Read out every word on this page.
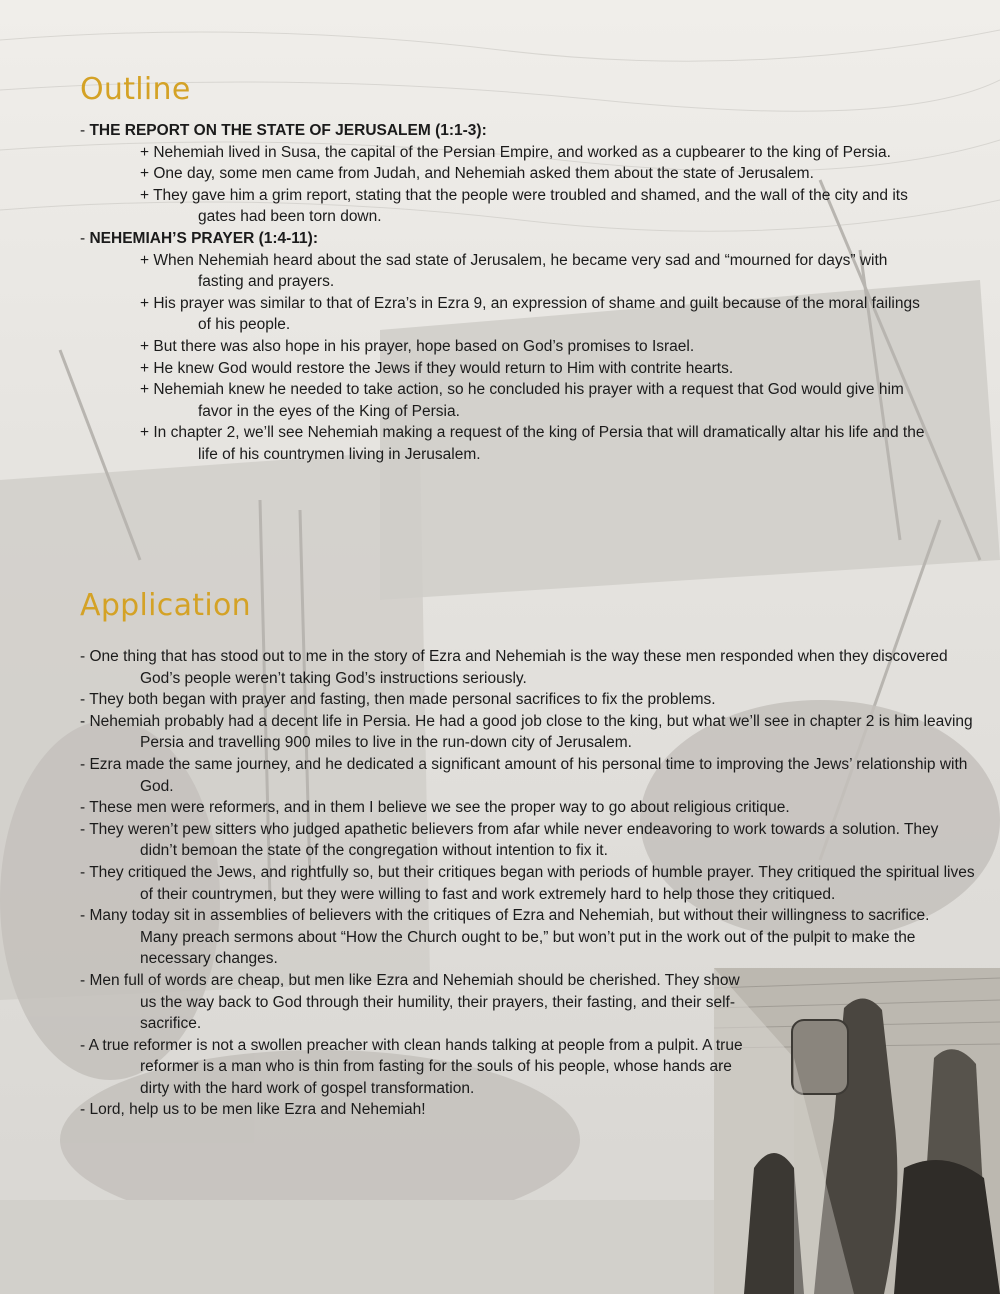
Outline
- THE REPORT ON THE STATE OF JERUSALEM (1:1-3):
+ Nehemiah lived in Susa, the capital of the Persian Empire, and worked as a cupbearer to the king of Persia.
+ One day, some men came from Judah, and Nehemiah asked them about the state of Jerusalem.
+ They gave him a grim report, stating that the people were troubled and shamed, and the wall of the city and its gates had been torn down.
- NEHEMIAH’S PRAYER (1:4-11):
+ When Nehemiah heard about the sad state of Jerusalem, he became very sad and “mourned for days” with fasting and prayers.
+ His prayer was similar to that of Ezra’s in Ezra 9, an expression of shame and guilt because of the moral failings of his people.
+ But there was also hope in his prayer, hope based on God’s promises to Israel.
+ He knew God would restore the Jews if they would return to Him with contrite hearts.
+ Nehemiah knew he needed to take action, so he concluded his prayer with a request that God would give him favor in the eyes of the King of Persia.
+ In chapter 2, we’ll see Nehemiah making a request of the king of Persia that will dramatically altar his life and the life of his countrymen living in Jerusalem.
Application
- One thing that has stood out to me in the story of Ezra and Nehemiah is the way these men responded when they discovered God’s people weren’t taking God’s instructions seriously.
- They both began with prayer and fasting, then made personal sacrifices to fix the problems.
- Nehemiah probably had a decent life in Persia. He had a good job close to the king, but what we’ll see in chapter 2 is him leaving Persia and travelling 900 miles to live in the run-down city of Jerusalem.
- Ezra made the same journey, and he dedicated a significant amount of his personal time to improving the Jews’ relationship with God.
- These men were reformers, and in them I believe we see the proper way to go about religious critique.
- They weren’t pew sitters who judged apathetic believers from afar while never endeavoring to work towards a solution. They didn’t bemoan the state of the congregation without intention to fix it.
- They critiqued the Jews, and rightfully so, but their critiques began with periods of humble prayer. They critiqued the spiritual lives of their countrymen, but they were willing to fast and work extremely hard to help those they critiqued.
- Many today sit in assemblies of believers with the critiques of Ezra and Nehemiah, but without their willingness to sacrifice. Many preach sermons about “How the Church ought to be,” but won’t put in the work out of the pulpit to make the necessary changes.
- Men full of words are cheap, but men like Ezra and Nehemiah should be cherished. They show us the way back to God through their humility, their prayers, their fasting, and their self-sacrifice.
- A true reformer is not a swollen preacher with clean hands talking at people from a pulpit. A true reformer is a man who is thin from fasting for the souls of his people, whose hands are dirty with the hard work of gospel transformation.
- Lord, help us to be men like Ezra and Nehemiah!
